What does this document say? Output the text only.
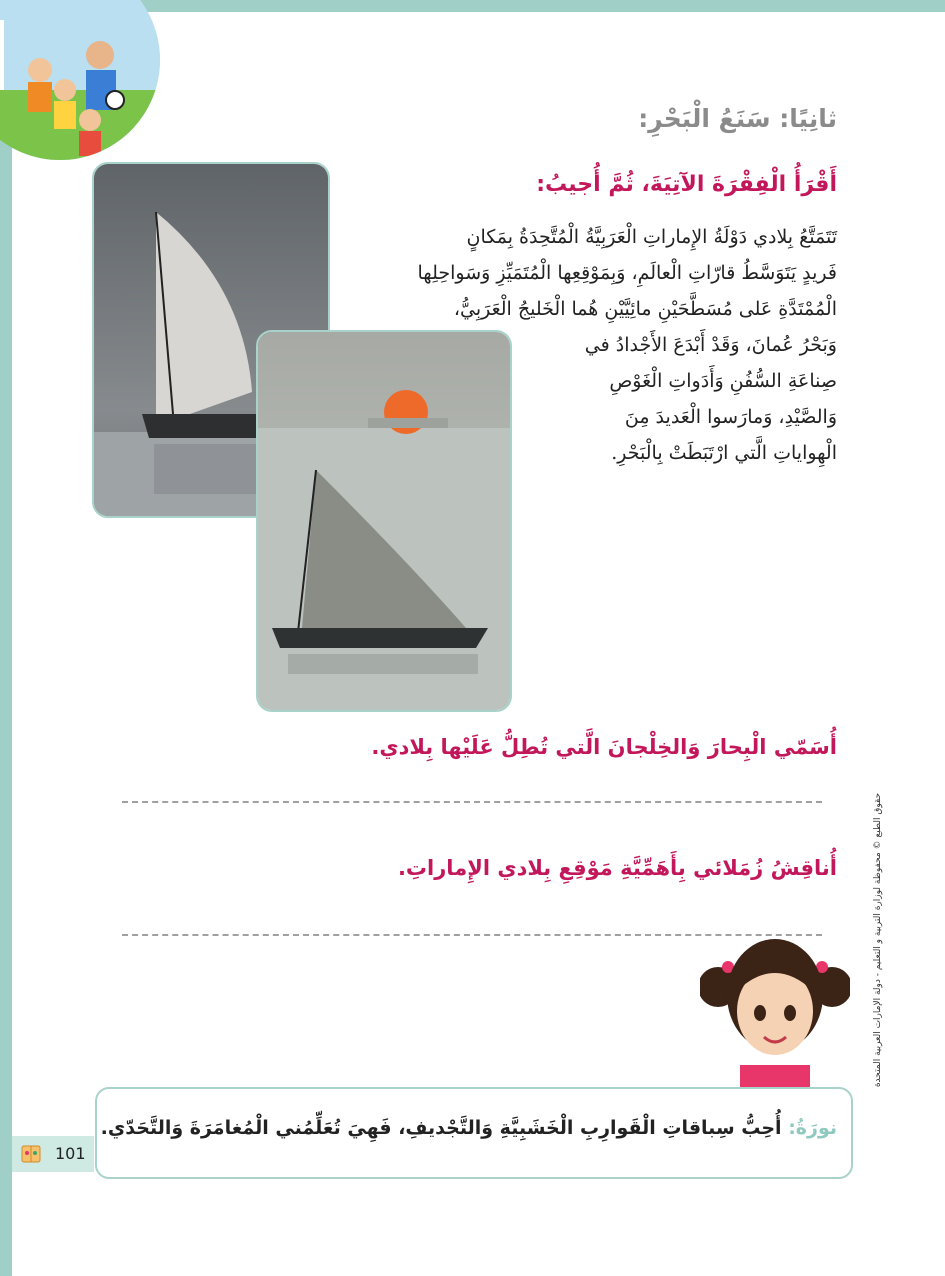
ثانِيًا: سَنَعُ الْبَحْرِ:
أَقْرَأُ الْفِقْرَةَ الآتِيَةَ، ثُمَّ أُجيبُ:
تَتَمَتَّعُ بِلادي دَوْلَةُ الإِماراتِ الْعَرَبِيَّةُ الْمُتَّحِدَةُ بِمَكانٍ
فَريدٍ يَتَوَسَّطُ قارّاتِ الْعالَمِ، وَبِمَوْقِعِها الْمُتَمَيِّزِ وَسَواحِلِها
الْمُمْتَدَّةِ عَلى مُسَطَّحَيْنِ مائِيَّيْنِ هُما الْخَليجُ الْعَرَبِيُّ،
وَبَحْرُ عُمانَ، وَقَدْ أَبْدَعَ الأَجْدادُ في
صِناعَةِ السُّفُنِ وَأَدَواتِ الْغَوْصِ
وَالصَّيْدِ، وَمارَسوا الْعَديدَ مِنَ
الْهِواياتِ الَّتي ارْتَبَطَتْ بِالْبَحْرِ.
أُسَمّي الْبِحارَ وَالخِلْجانَ الَّتي تُطِلُّ عَلَيْها بِلادي.
أُناقِشُ زُمَلائي بِأَهَمِّيَّةِ مَوْقِعِ بِلادي الإِماراتِ.	حقوق الطبع © محفوظة لوزارة التربية و التعليم - دولة الإمارات العربية المتحدة
نورَةُ: أُحِبُّ سِباقاتِ الْقَوارِبِ الْخَشَبِيَّةِ وَالتَّجْديفِ، فَهِيَ تُعَلِّمُني الْمُغامَرَةَ وَالتَّحَدّي.
101
